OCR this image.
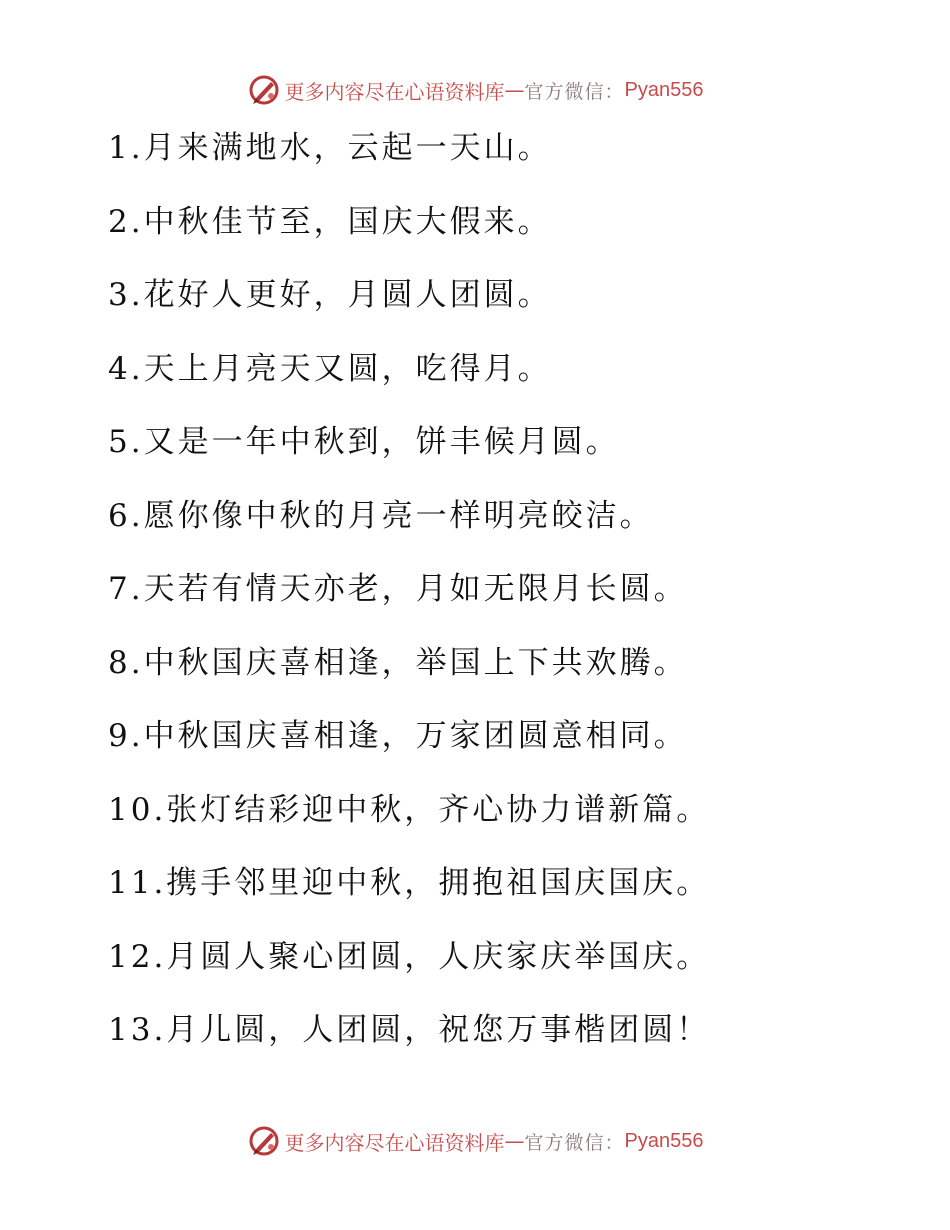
更多内容尽在心语资料库 — 官方微信： Pyan556
1.月来满地水，云起一天山。
2.中秋佳节至，国庆大假来。
3.花好人更好，月圆人团圆。
4.天上月亮天又圆，吃得月。
5.又是一年中秋到，饼丰候月圆。
6.愿你像中秋的月亮一样明亮皎洁。
7.天若有情天亦老，月如无限月长圆。
8.中秋国庆喜相逢，举国上下共欢腾。
9.中秋国庆喜相逢，万家团圆意相同。
10.张灯结彩迎中秋，齐心协力谱新篇。
11.携手邻里迎中秋，拥抱祖国庆国庆。
12.月圆人聚心团圆，人庆家庆举国庆。
13.月儿圆，人团圆，祝您万事楷团圆！
更多内容尽在心语资料库 — 官方微信： Pyan556
